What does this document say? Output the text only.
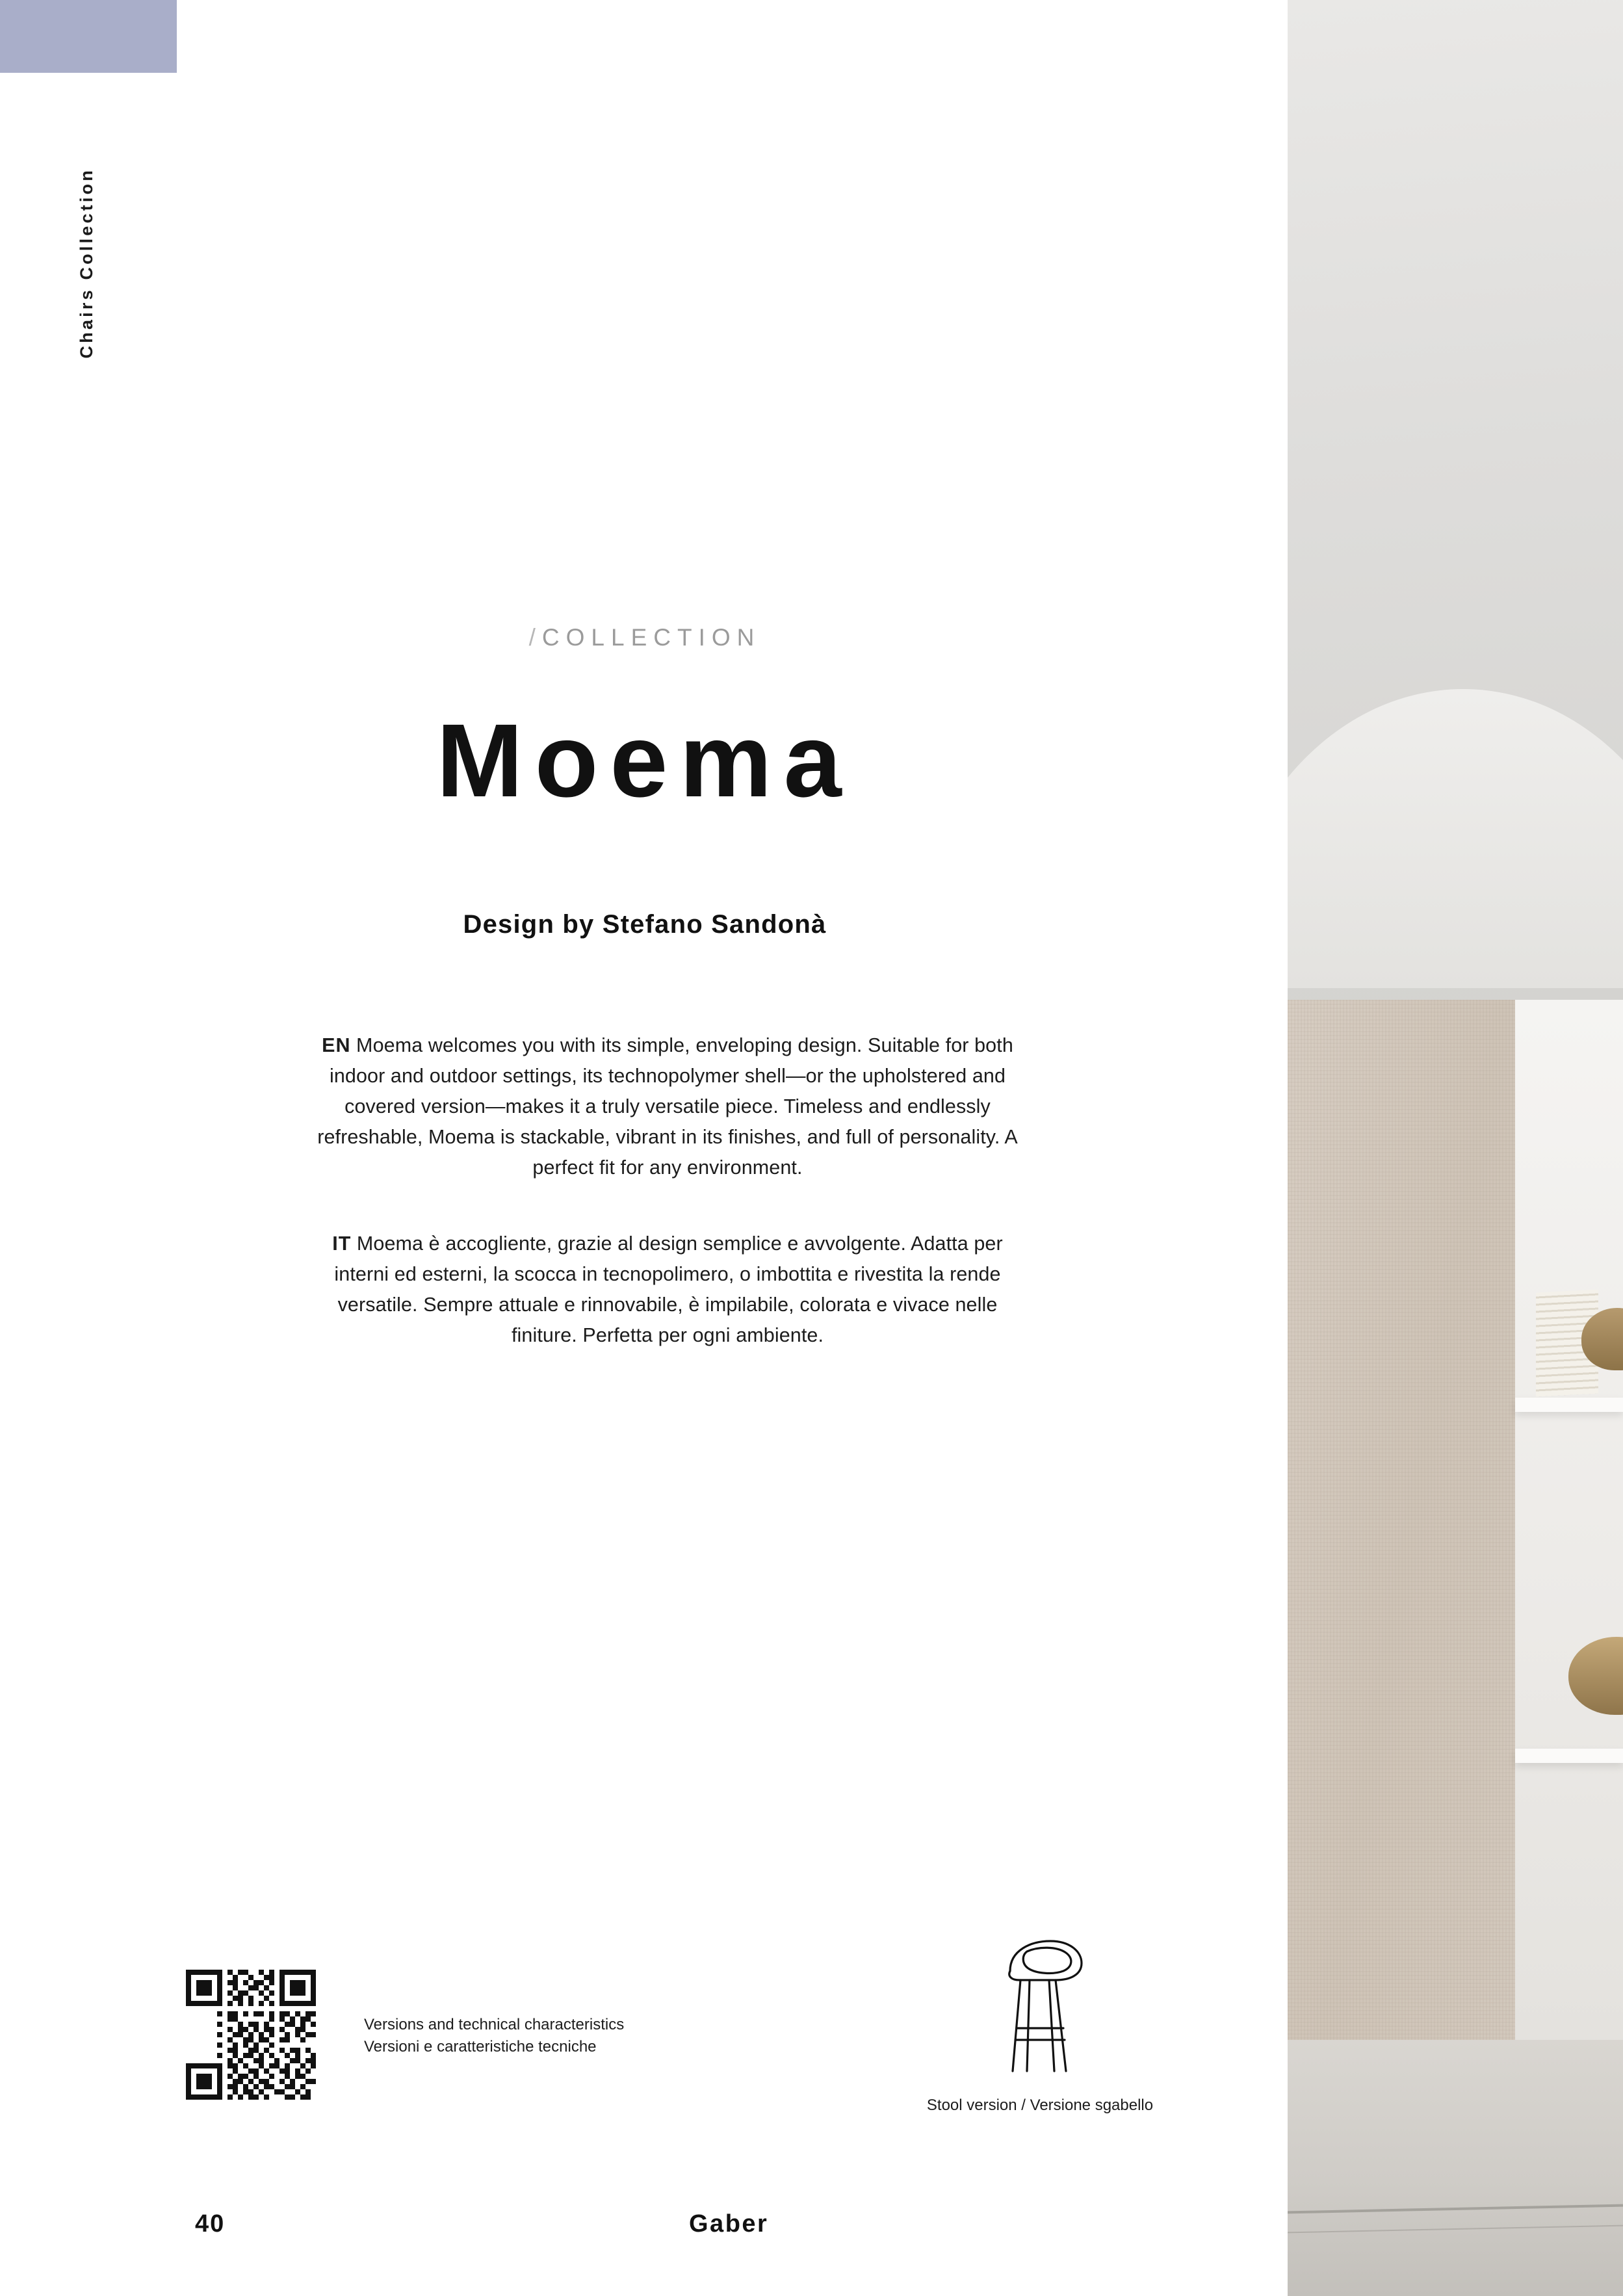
Chairs Collection
/COLLECTION
Moema
Design by Stefano Sandonà

EN Moema welcomes you with its simple, enveloping design. Suitable for both indoor and outdoor settings, its technopolymer shell—or the upholstered and covered version—makes it a truly versatile piece. Timeless and endlessly refreshable, Moema is stackable, vibrant in its finishes, and full of personality. A perfect fit for any environment.

IT Moema è accogliente, grazie al design semplice e avvolgente. Adatta per interni ed esterni, la scocca in tecnopolimero, o imbottita e rivestita la rende versatile. Sempre attuale e rinnovabile, è impilabile, colorata e vivace nelle finiture. Perfetta per ogni ambiente.

Versions and technical characteristics
Versioni e caratteristiche tecniche
Stool version / Versione sgabello
40	Gaber
